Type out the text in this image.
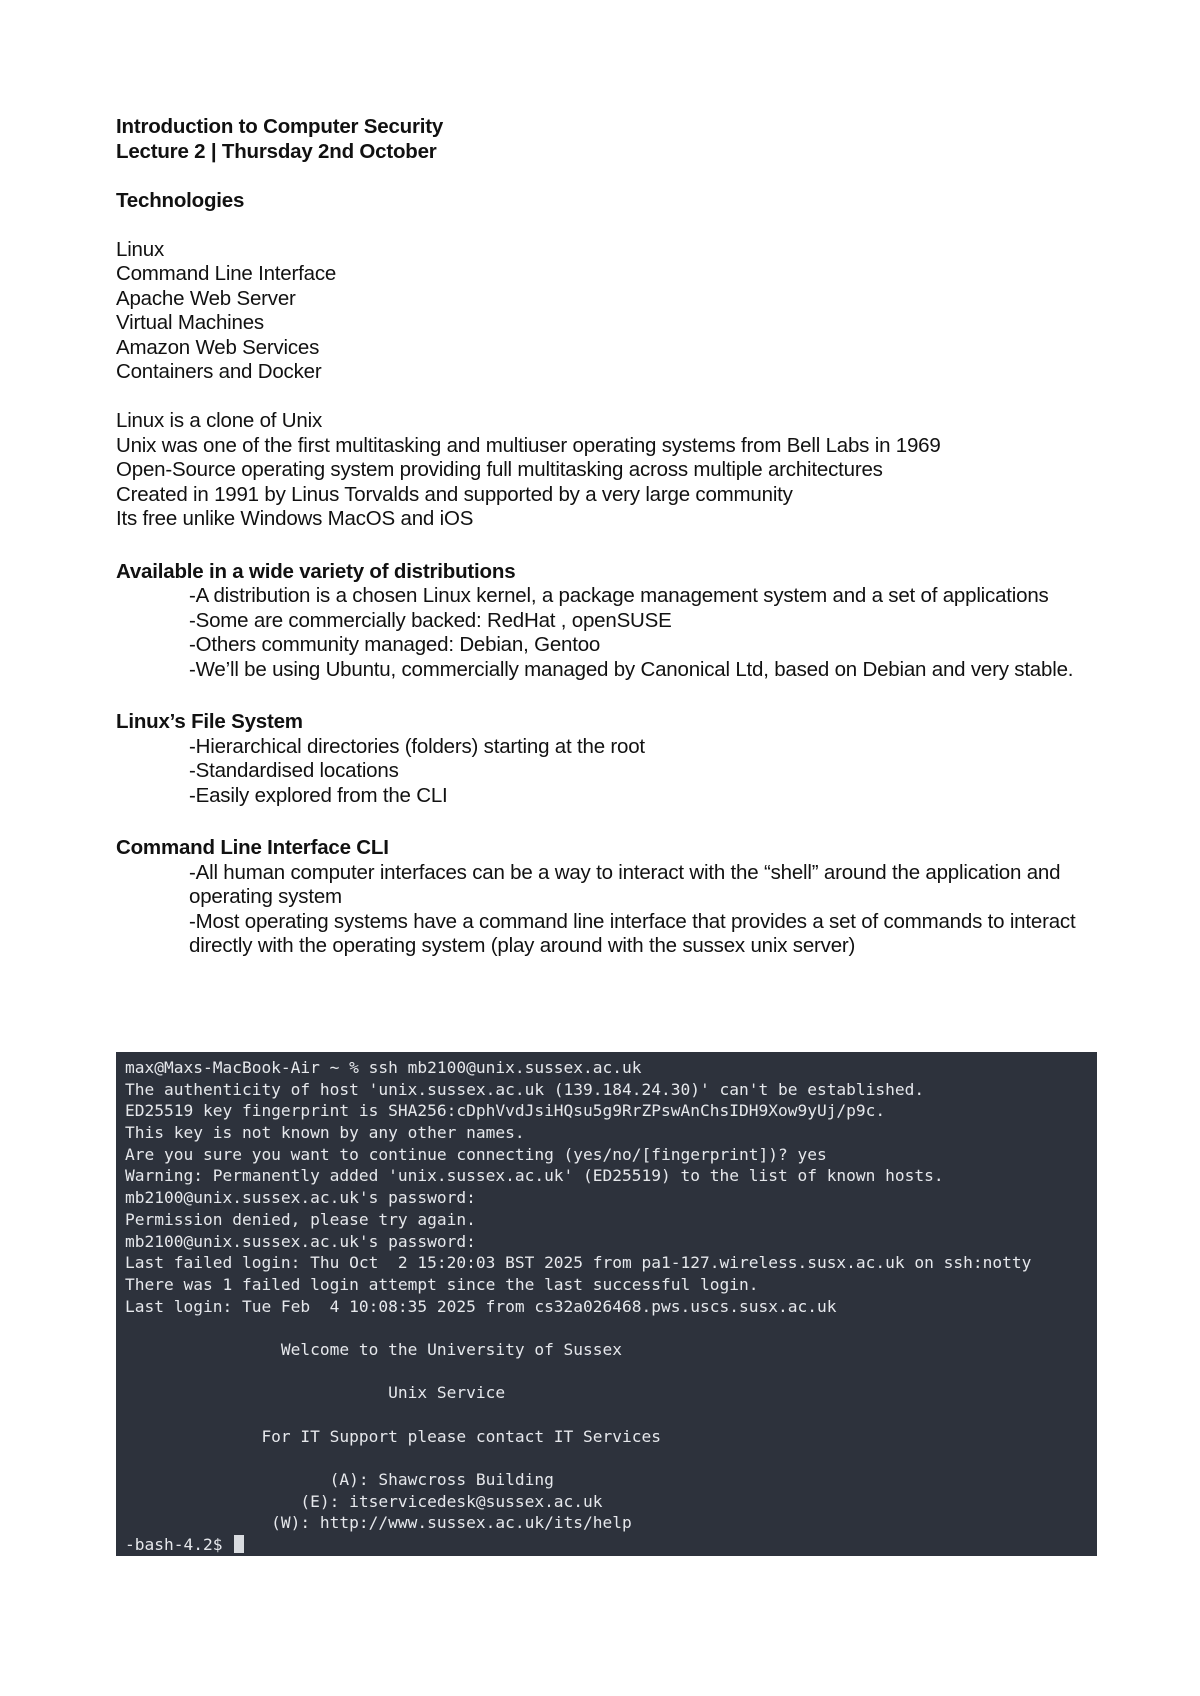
Introduction to Computer Security
Lecture 2 | Thursday 2nd October
Technologies
Linux
Command Line Interface
Apache Web Server
Virtual Machines
Amazon Web Services
Containers and Docker
Linux is a clone of Unix
Unix was one of the first multitasking and multiuser operating systems from Bell Labs in 1969
Open-Source operating system providing full multitasking across multiple architectures
Created in 1991 by Linus Torvalds and supported by a very large community
Its free unlike Windows MacOS and iOS
Available in a wide variety of distributions
-A distribution is a chosen Linux kernel, a package management system and a set of applications
-Some are commercially backed: RedHat , openSUSE
-Others community managed: Debian, Gentoo
-We’ll be using Ubuntu, commercially managed by Canonical Ltd, based on Debian and very stable.
Linux’s File System
-Hierarchical directories (folders) starting at the root
-Standardised locations
-Easily explored from the CLI
Command Line Interface CLI
-All human computer interfaces can be a way to interact with the “shell” around the application and operating system
-Most operating systems have a command line interface that provides a set of commands to interact directly with the operating system (play around with the sussex unix server)
max@Maxs-MacBook-Air ~ % ssh mb2100@unix.sussex.ac.uk
The authenticity of host 'unix.sussex.ac.uk (139.184.24.30)' can't be established.
ED25519 key fingerprint is SHA256:cDphVvdJsiHQsu5g9RrZPswAnChsIDH9Xow9yUj/p9c.
This key is not known by any other names.
Are you sure you want to continue connecting (yes/no/[fingerprint])? yes
Warning: Permanently added 'unix.sussex.ac.uk' (ED25519) to the list of known hosts.
mb2100@unix.sussex.ac.uk's password:
Permission denied, please try again.
mb2100@unix.sussex.ac.uk's password:
Last failed login: Thu Oct  2 15:20:03 BST 2025 from pa1-127.wireless.susx.ac.uk on ssh:notty
There was 1 failed login attempt since the last successful login.
Last login: Tue Feb  4 10:08:35 2025 from cs32a026468.pws.uscs.susx.ac.uk
Welcome to the University of Sussex
Unix Service
For IT Support please contact IT Services
(A): Shawcross Building
(E): itservicedesk@sussex.ac.uk
(W): http://www.sussex.ac.uk/its/help
-bash-4.2$
